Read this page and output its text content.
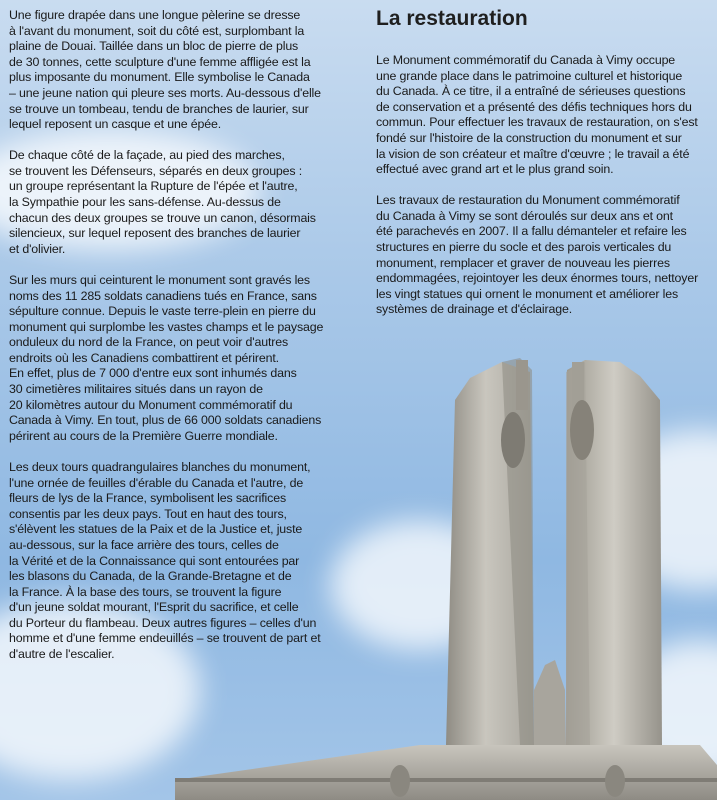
Une figure drapée dans une longue pèlerine se dresse
à l'avant du monument, soit du côté est, surplombant la
plaine de Douai. Taillée dans un bloc de pierre de plus
de 30 tonnes, cette sculpture d'une femme affligée est la
plus imposante du monument. Elle symbolise le Canada
– une jeune nation qui pleure ses morts. Au-dessous d'elle
se trouve un tombeau, tendu de branches de laurier, sur
lequel reposent un casque et une épée.

De chaque côté de la façade, au pied des marches,
se trouvent les Défenseurs, séparés en deux groupes :
un groupe représentant la Rupture de l'épée et l'autre,
la Sympathie pour les sans-défense. Au-dessus de
chacun des deux groupes se trouve un canon, désormais
silencieux, sur lequel reposent des branches de laurier
et d'olivier.

Sur les murs qui ceinturent le monument sont gravés les
noms des 11 285 soldats canadiens tués en France, sans
sépulture connue. Depuis le vaste terre-plein en pierre du
monument qui surplombe les vastes champs et le paysage
onduleux du nord de la France, on peut voir d'autres
endroits où les Canadiens combattirent et périrent.
En effet, plus de 7 000 d'entre eux sont inhumés dans
30 cimetières militaires situés dans un rayon de
20 kilomètres autour du Monument commémoratif du
Canada à Vimy. En tout, plus de 66 000 soldats canadiens
périrent au cours de la Première Guerre mondiale.

Les deux tours quadrangulaires blanches du monument,
l'une ornée de feuilles d'érable du Canada et l'autre, de
fleurs de lys de la France, symbolisent les sacrifices
consentis par les deux pays. Tout en haut des tours,
s'élèvent les statues de la Paix et de la Justice et, juste
au-dessous, sur la face arrière des tours, celles de
la Vérité et de la Connaissance qui sont entourées par
les blasons du Canada, de la Grande-Bretagne et de
la France. À la base des tours, se trouvent la figure
d'un jeune soldat mourant, l'Esprit du sacrifice, et celle
du Porteur du flambeau. Deux autres figures – celles d'un
homme et d'une femme endeuillés – se trouvent de part et
d'autre de l'escalier.

La restauration

Le Monument commémoratif du Canada à Vimy occupe
une grande place dans le patrimoine culturel et historique
du Canada. À ce titre, il a entraîné de sérieuses questions
de conservation et a présenté des défis techniques hors du
commun. Pour effectuer les travaux de restauration, on s'est
fondé sur l'histoire de la construction du monument et sur
la vision de son créateur et maître d'œuvre ; le travail a été
effectué avec grand art et le plus grand soin.

Les travaux de restauration du Monument commémoratif
du Canada à Vimy se sont déroulés sur deux ans et ont
été parachevés en 2007. Il a fallu démanteler et refaire les
structures en pierre du socle et des parois verticales du
monument, remplacer et graver de nouveau les pierres
endommagées, rejointoyer les deux énormes tours, nettoyer
les vingt statues qui ornent le monument et améliorer les
systèmes de drainage et d'éclairage.
